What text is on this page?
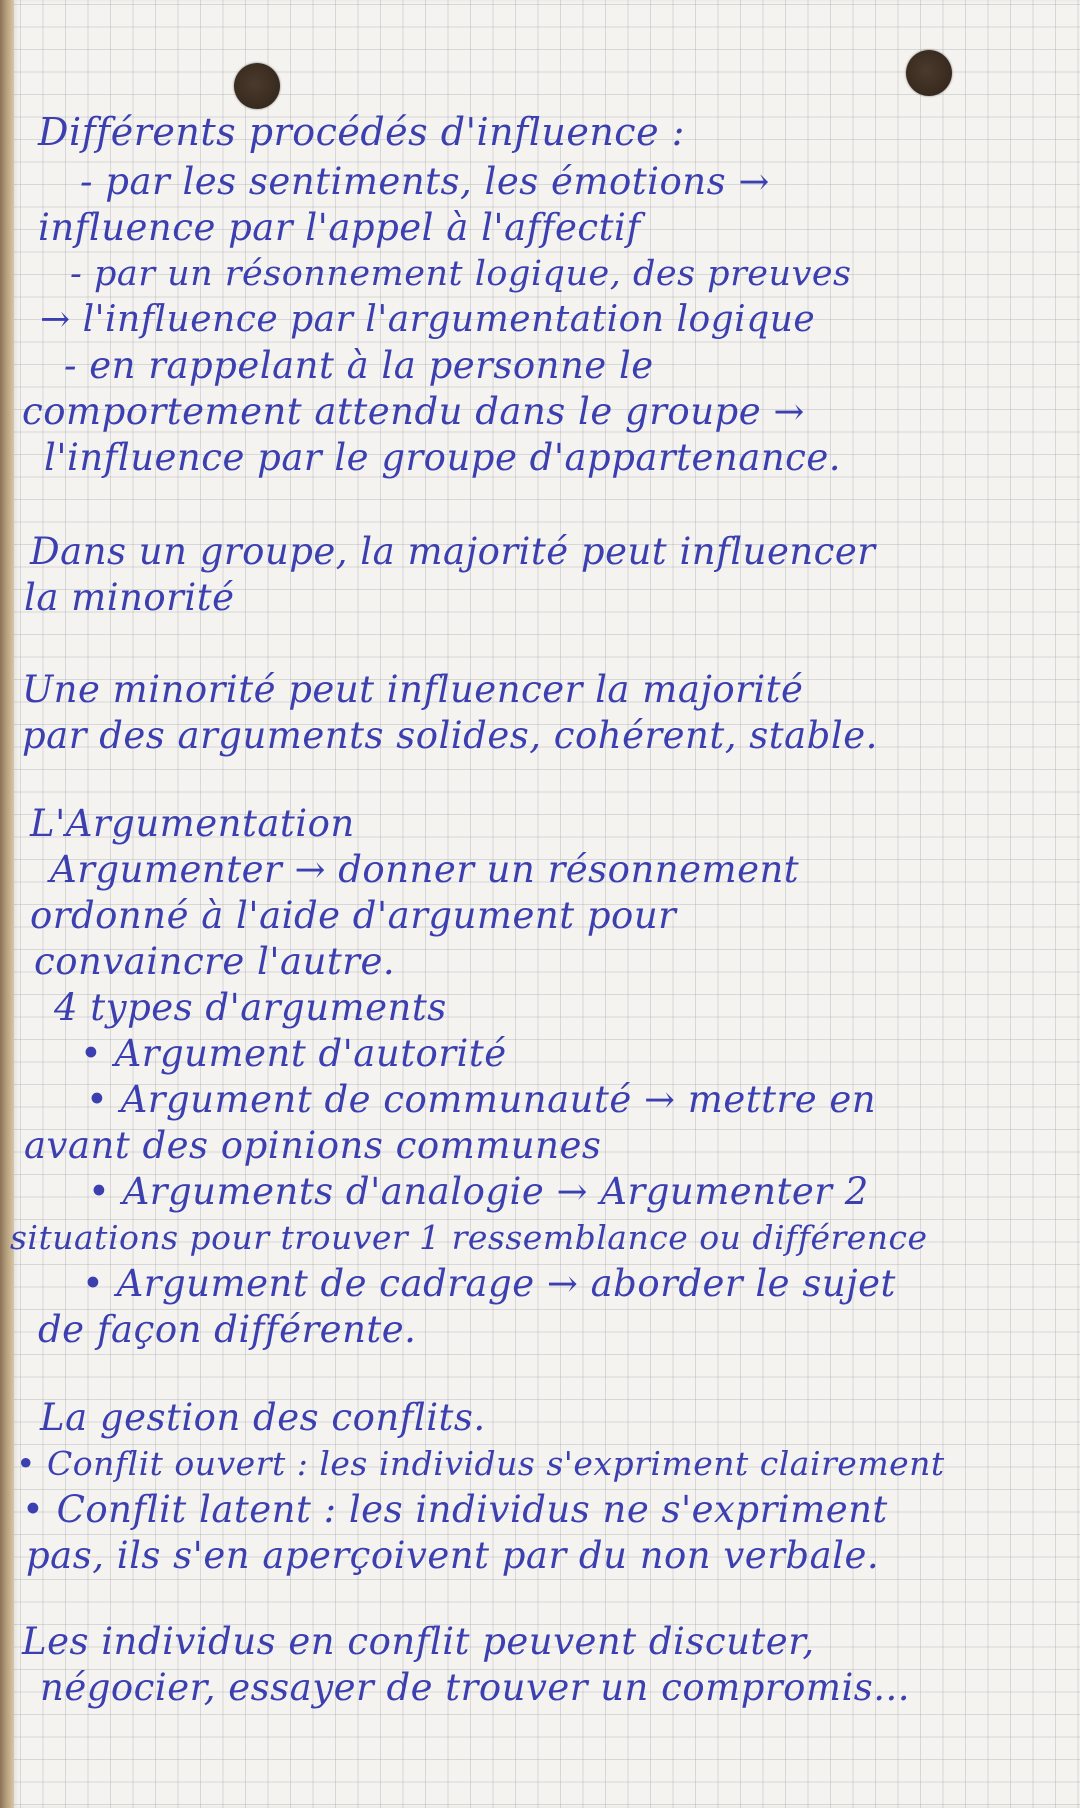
Différents procédés d'influence :
- par les sentiments, les émotions →
influence par l'appel à l'affectif
- par un résonnement logique, des preuves
→ l'influence par l'argumentation logique
- en rappelant à la personne le
comportement attendu dans le groupe →
l'influence par le groupe d'appartenance.
Dans un groupe, la majorité peut influencer
la minorité
Une minorité peut influencer la majorité
par des arguments solides, cohérent, stable.
L'Argumentation
Argumenter → donner un résonnement
ordonné à l'aide d'argument pour
convaincre l'autre.
4 types d'arguments
• Argument d'autorité
• Argument de communauté → mettre en
avant des opinions communes
• Arguments d'analogie → Argumenter 2
situations pour trouver 1 ressemblance ou différence
• Argument de cadrage → aborder le sujet
de façon différente.
La gestion des conflits.
• Conflit ouvert : les individus s'expriment clairement
• Conflit latent : les individus ne s'expriment
pas, ils s'en aperçoivent par du non verbale.
Les individus en conflit peuvent discuter,
négocier, essayer de trouver un compromis...
